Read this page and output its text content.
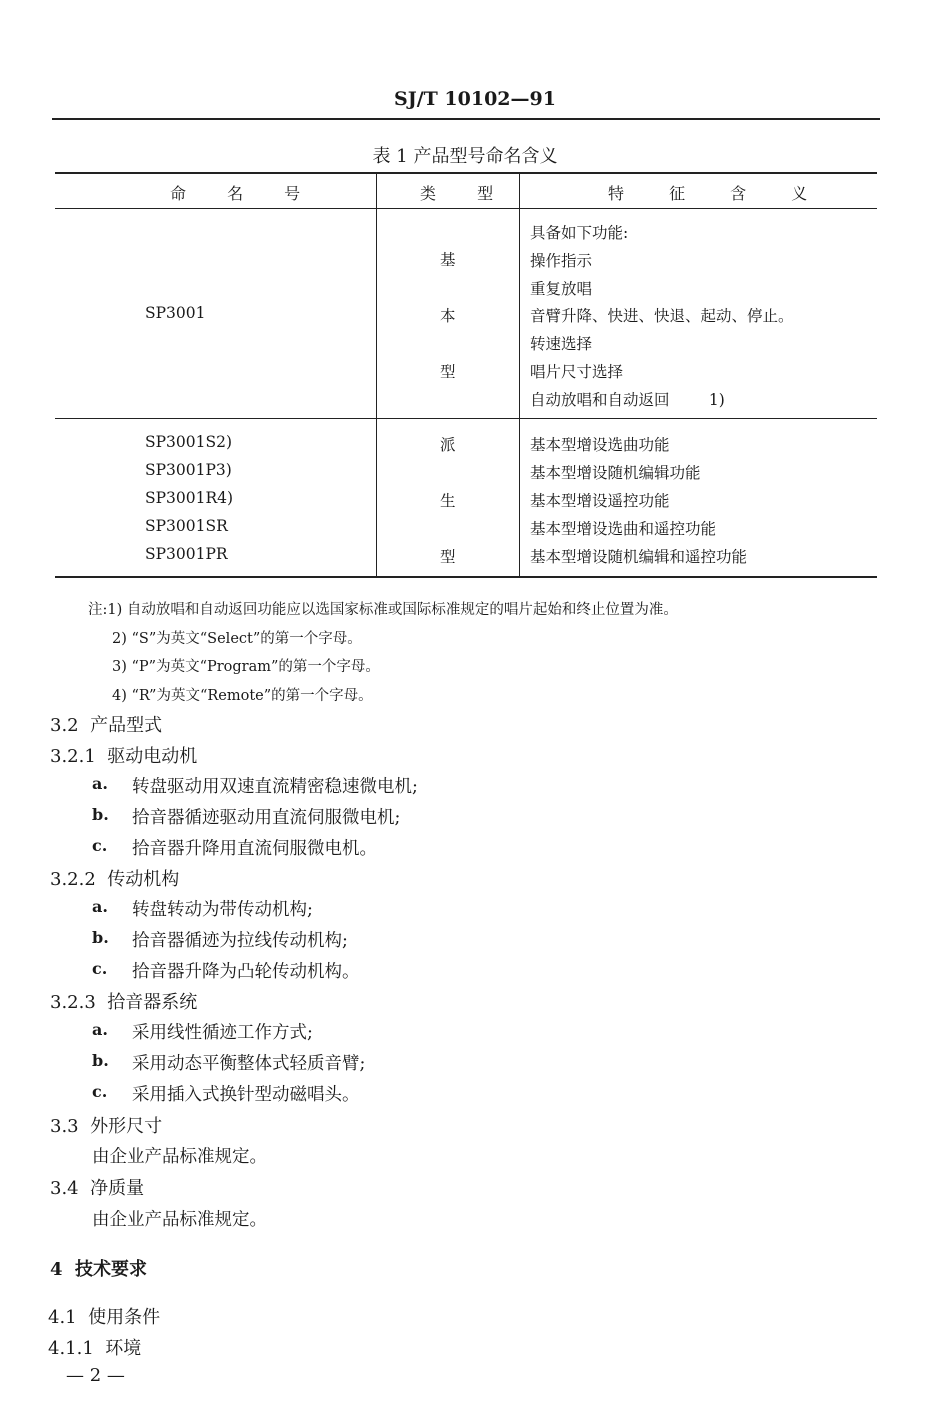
SJ/T 10102—91
表 1 产品型号命名含义
命 名 号	类 型	特 征 含 义
SP3001
基
本
型
具备如下功能:
操作指示
重复放唱
音臂升降、快进、快退、起动、停止。
转速选择
唱片尺寸选择
自动放唱和自动返回        1)
SP3001S2)
SP3001P3)
SP3001R4)
SP3001SR
SP3001PR
派
生
型
基本型增设选曲功能
基本型增设随机编辑功能
基本型增设遥控功能
基本型增设选曲和遥控功能
基本型增设随机编辑和遥控功能
注:1) 自动放唱和自动返回功能应以选国家标准或国际标准规定的唱片起始和终止位置为准。
2) “S”为英文“Select”的第一个字母。
3) “P”为英文“Program”的第一个字母。
4) “R”为英文“Remote”的第一个字母。
3.2  产品型式
3.2.1  驱动电动机
a. 转盘驱动用双速直流精密稳速微电机;
b. 拾音器循迹驱动用直流伺服微电机;
c. 拾音器升降用直流伺服微电机。
3.2.2  传动机构
a. 转盘转动为带传动机构;
b. 拾音器循迹为拉线传动机构;
c. 拾音器升降为凸轮传动机构。
3.2.3  拾音器系统
a. 采用线性循迹工作方式;
b. 采用动态平衡整体式轻质音臂;
c. 采用插入式换针型动磁唱头。
3.3  外形尺寸
由企业产品标准规定。
3.4  净质量
由企业产品标准规定。
4  技术要求
4.1  使用条件
4.1.1  环境
— 2 —
